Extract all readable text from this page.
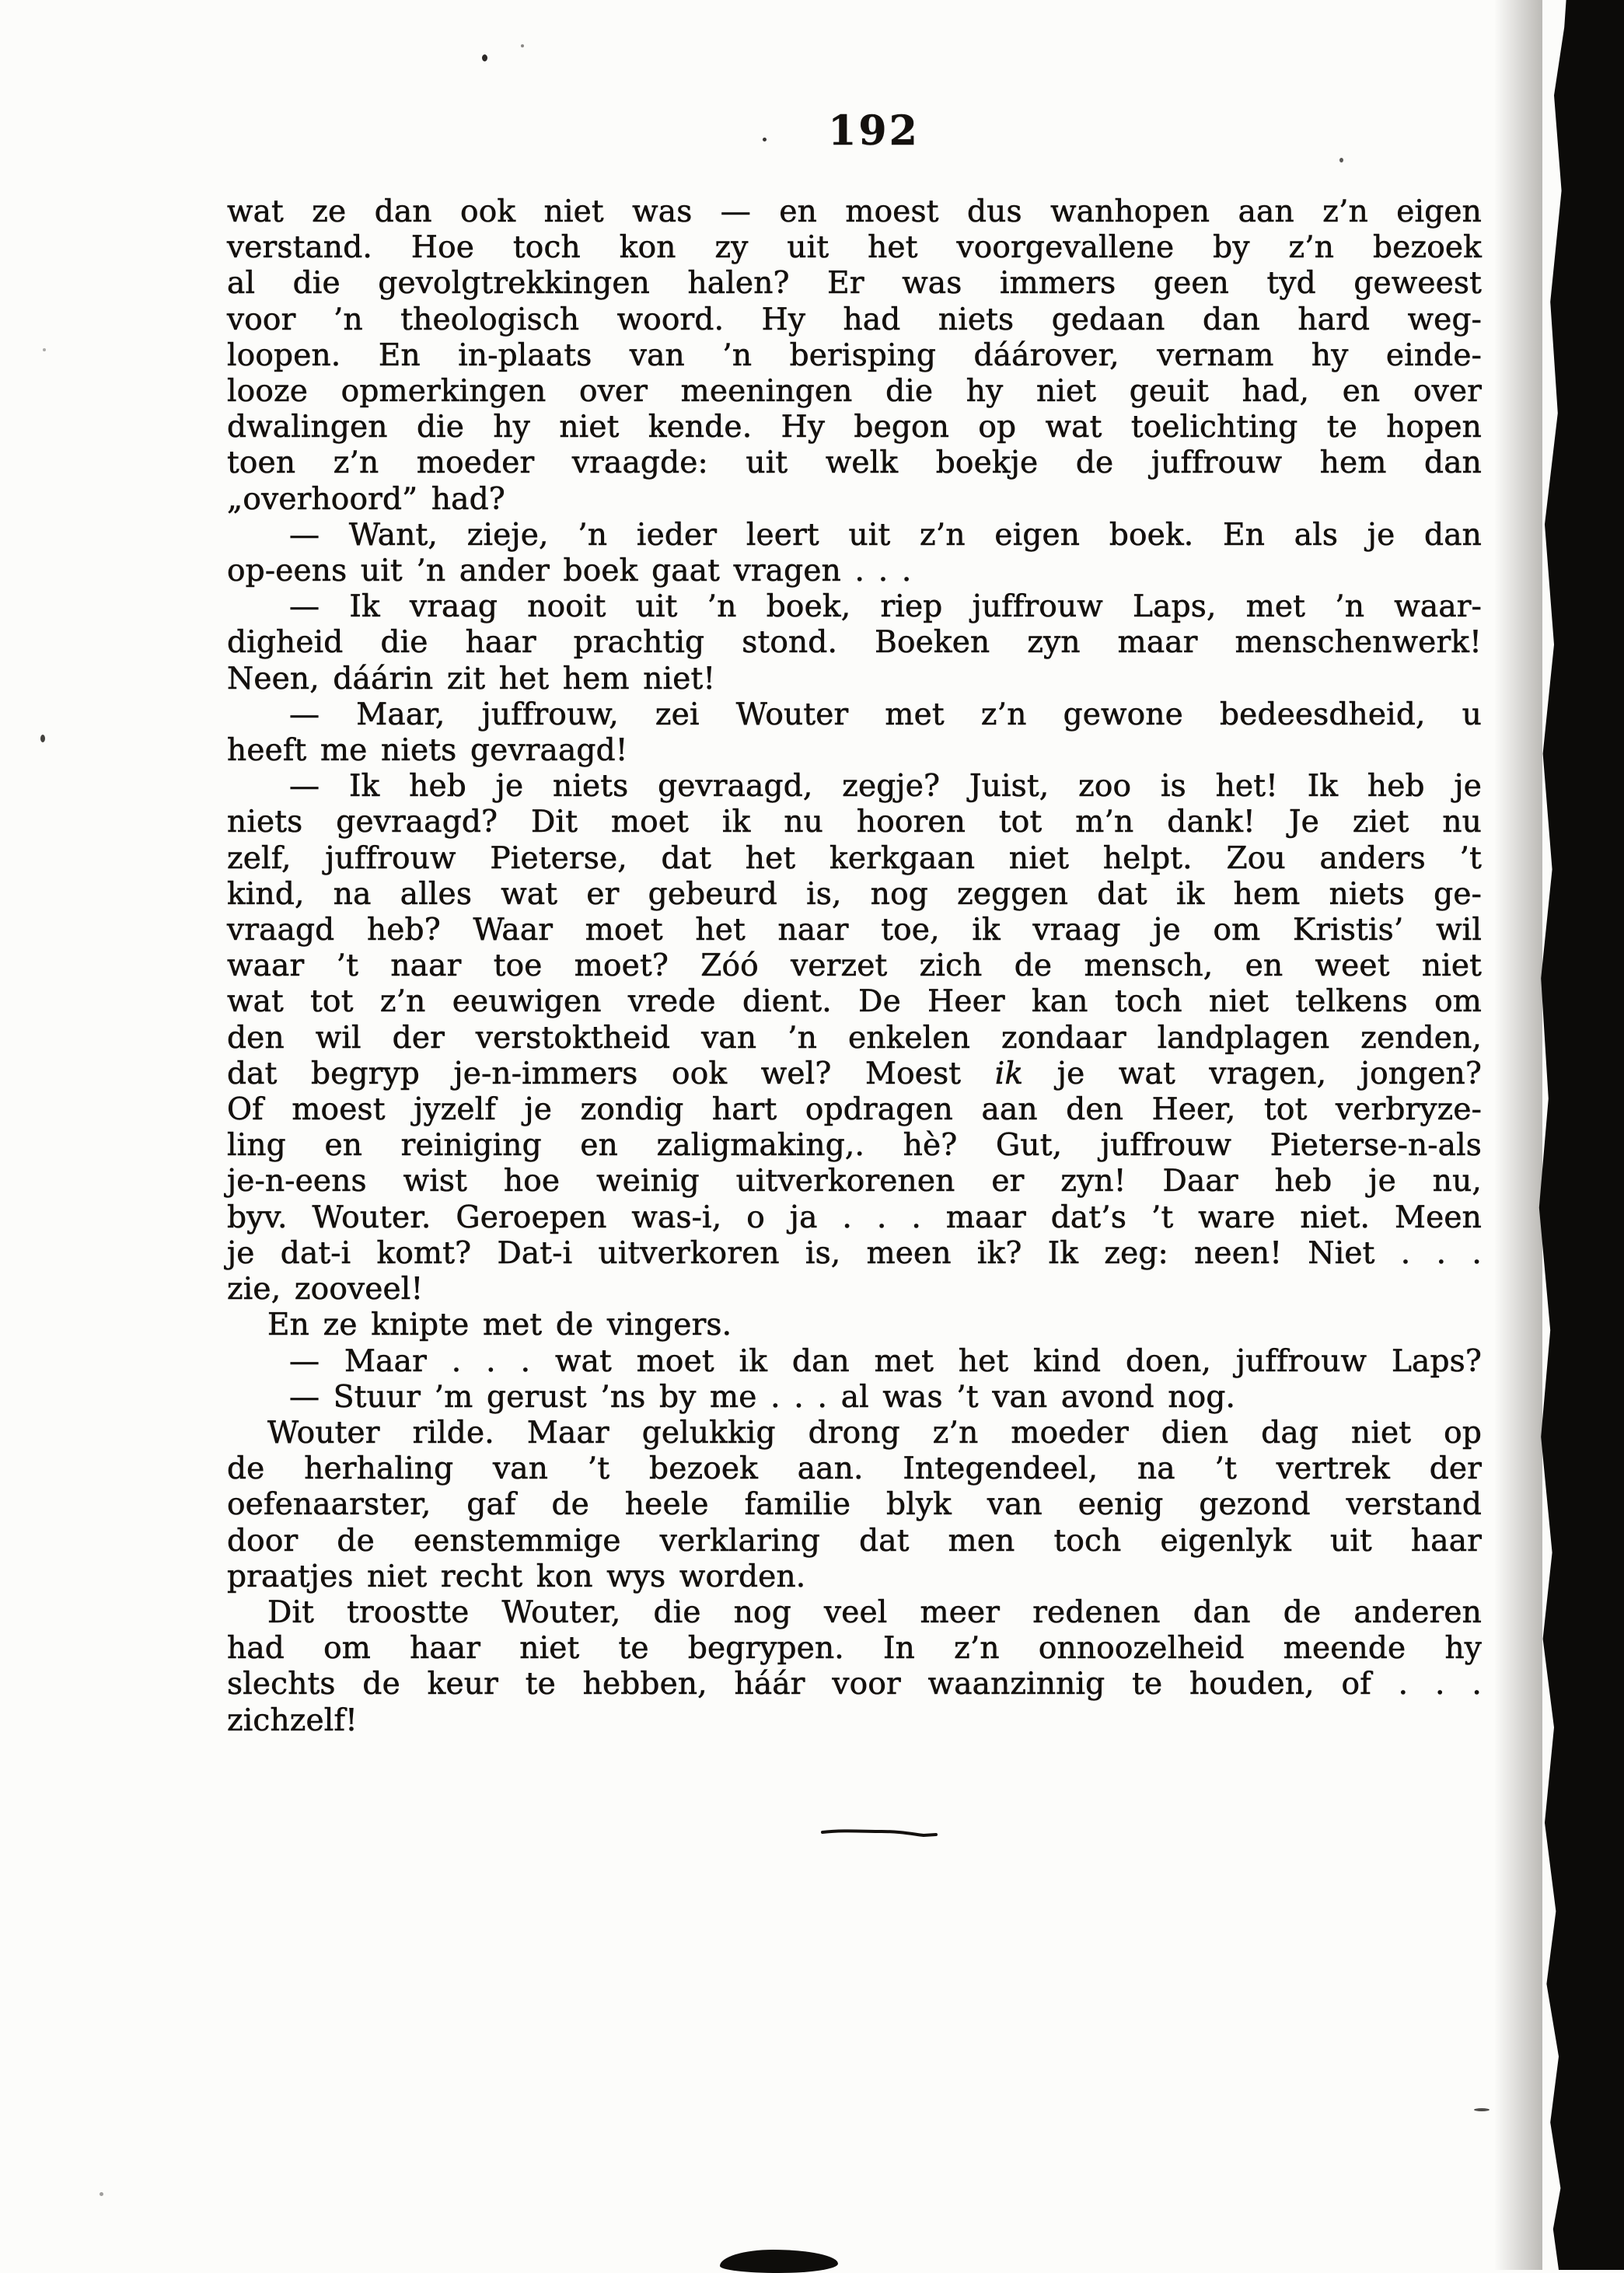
192
wat ze dan ook niet was — en moest dus wanhopen aan z’n eigen
verstand. Hoe toch kon zy uit het voorgevallene by z’n bezoek
al die gevolgtrekkingen halen? Er was immers geen tyd geweest
voor ’n theologisch woord. Hy had niets gedaan dan hard weg-
loopen. En in-plaats van ’n berisping dáárover, vernam hy einde-
looze opmerkingen over meeningen die hy niet geuit had, en over
dwalingen die hy niet kende. Hy begon op wat toelichting te hopen
toen z’n moeder vraagde: uit welk boekje de juffrouw hem dan
„overhoord” had?
— Want, zieje, ’n ieder leert uit z’n eigen boek. En als je dan
op-eens uit ’n ander boek gaat vragen . . .
— Ik vraag nooit uit ’n boek, riep juffrouw Laps, met ’n waar-
digheid die haar prachtig stond. Boeken zyn maar menschenwerk!
Neen, dáárin zit het hem niet!
— Maar, juffrouw, zei Wouter met z’n gewone bedeesdheid, u
heeft me niets gevraagd!
— Ik heb je niets gevraagd, zegje? Juist, zoo is het! Ik heb je
niets gevraagd? Dit moet ik nu hooren tot m’n dank! Je ziet nu
zelf, juffrouw Pieterse, dat het kerkgaan niet helpt. Zou anders ’t
kind, na alles wat er gebeurd is, nog zeggen dat ik hem niets ge-
vraagd heb? Waar moet het naar toe, ik vraag je om Kristis’ wil
waar ’t naar toe moet? Zóó verzet zich de mensch, en weet niet
wat tot z’n eeuwigen vrede dient. De Heer kan toch niet telkens om
den wil der verstoktheid van ’n enkelen zondaar landplagen zenden,
dat begryp je-n-immers ook wel? Moest ik je wat vragen, jongen?
Of moest jyzelf je zondig hart opdragen aan den Heer, tot verbryze-
ling en reiniging en zaligmaking,. hè? Gut, juffrouw Pieterse-n-als
je-n-eens wist hoe weinig uitverkorenen er zyn! Daar heb je nu,
byv. Wouter. Geroepen was-i, o ja . . . maar dat’s ’t ware niet. Meen
je dat-i komt? Dat-i uitverkoren is, meen ik? Ik zeg: neen! Niet . . .
zie, zooveel!
En ze knipte met de vingers.
— Maar . . . wat moet ik dan met het kind doen, juffrouw Laps?
— Stuur ’m gerust ’ns by me . . . al was ’t van avond nog.
Wouter rilde. Maar gelukkig drong z’n moeder dien dag niet op
de herhaling van ’t bezoek aan. Integendeel, na ’t vertrek der
oefenaarster, gaf de heele familie blyk van eenig gezond verstand
door de eenstemmige verklaring dat men toch eigenlyk uit haar
praatjes niet recht kon wys worden.
Dit troostte Wouter, die nog veel meer redenen dan de anderen
had om haar niet te begrypen. In z’n onnoozelheid meende hy
slechts de keur te hebben, háár voor waanzinnig te houden, of . . .
zichzelf!
